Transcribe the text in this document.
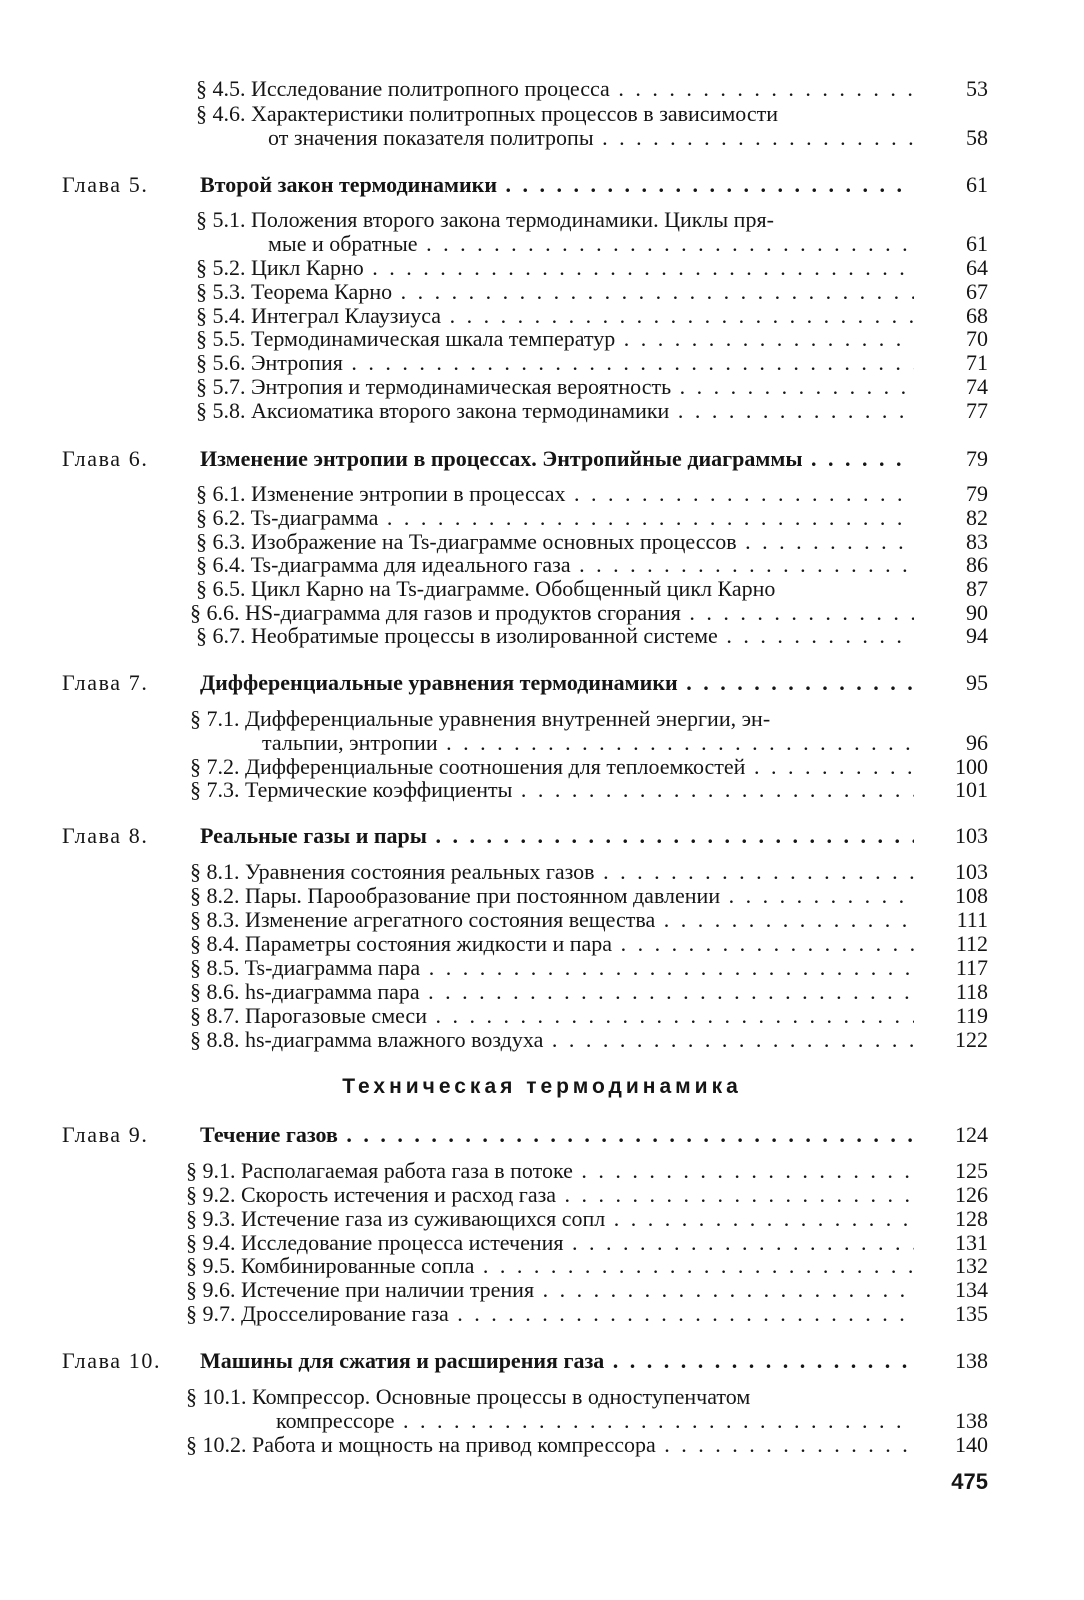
§ 4.5. Исследование политропного процесса . . .	53
§ 4.6. Характеристики политропных процессов в зависимости
от значения показателя политропы . . .	58
Глава 5.	Второй закон термодинамики . . .	61
§ 5.1. Положения второго закона термодинамики. Циклы пря-
мые и обратные . . .	61
§ 5.2. Цикл Карно . . .	64
§ 5.3. Теорема Карно . . .	67
§ 5.4. Интеграл Клаузиуса . . .	68
§ 5.5. Термодинамическая шкала температур . . .	70
§ 5.6. Энтропия . . .	71
§ 5.7. Энтропия и термодинамическая вероятность . . .	74
§ 5.8. Аксиоматика второго закона термодинамики . . .	77
Глава 6.	Изменение энтропии в процессах. Энтропийные диаграммы . . .	79
§ 6.1. Изменение энтропии в процессах . . .	79
§ 6.2. Ts-диаграмма . . .	82
§ 6.3. Изображение на Ts-диаграмме основных процессов . . .	83
§ 6.4. Ts-диаграмма для идеального газа . . .	86
§ 6.5. Цикл Карно на Ts-диаграмме. Обобщенный цикл Карно	87
§ 6.6. HS-диаграмма для газов и продуктов сгорания . . .	90
§ 6.7. Необратимые процессы в изолированной системе . . .	94
Глава 7.	Дифференциальные уравнения термодинамики . . .	95
§ 7.1. Дифференциальные уравнения внутренней энергии, эн-
тальпии, энтропии . . .	96
§ 7.2. Дифференциальные соотношения для теплоемкостей . . .	100
§ 7.3. Термические коэффициенты . . .	101
Глава 8.	Реальные газы и пары . . .	103
§ 8.1. Уравнения состояния реальных газов . . .	103
§ 8.2. Пары. Парообразование при постоянном давлении . . .	108
§ 8.3. Изменение агрегатного состояния вещества . . .	111
§ 8.4. Параметры состояния жидкости и пара . . .	112
§ 8.5. Ts-диаграмма пара . . .	117
§ 8.6. hs-диаграмма пара . . .	118
§ 8.7. Парогазовые смеси . . .	119
§ 8.8. hs-диаграмма влажного воздуха . . .	122
Техническая термодинамика
Глава 9.	Течение газов . . .	124
§ 9.1. Располагаемая работа газа в потоке . . .	125
§ 9.2. Скорость истечения и расход газа . . .	126
§ 9.3. Истечение газа из суживающихся сопл . . .	128
§ 9.4. Исследование процесса истечения . . .	131
§ 9.5. Комбинированные сопла . . .	132
§ 9.6. Истечение при наличии трения . . .	134
§ 9.7. Дросселирование газа . . .	135
Глава 10.	Машины для сжатия и расширения газа . . .	138
§ 10.1. Компрессор. Основные процессы в одноступенчатом
компрессоре . . .	138
§ 10.2. Работа и мощность на привод компрессора . . .	140
475
